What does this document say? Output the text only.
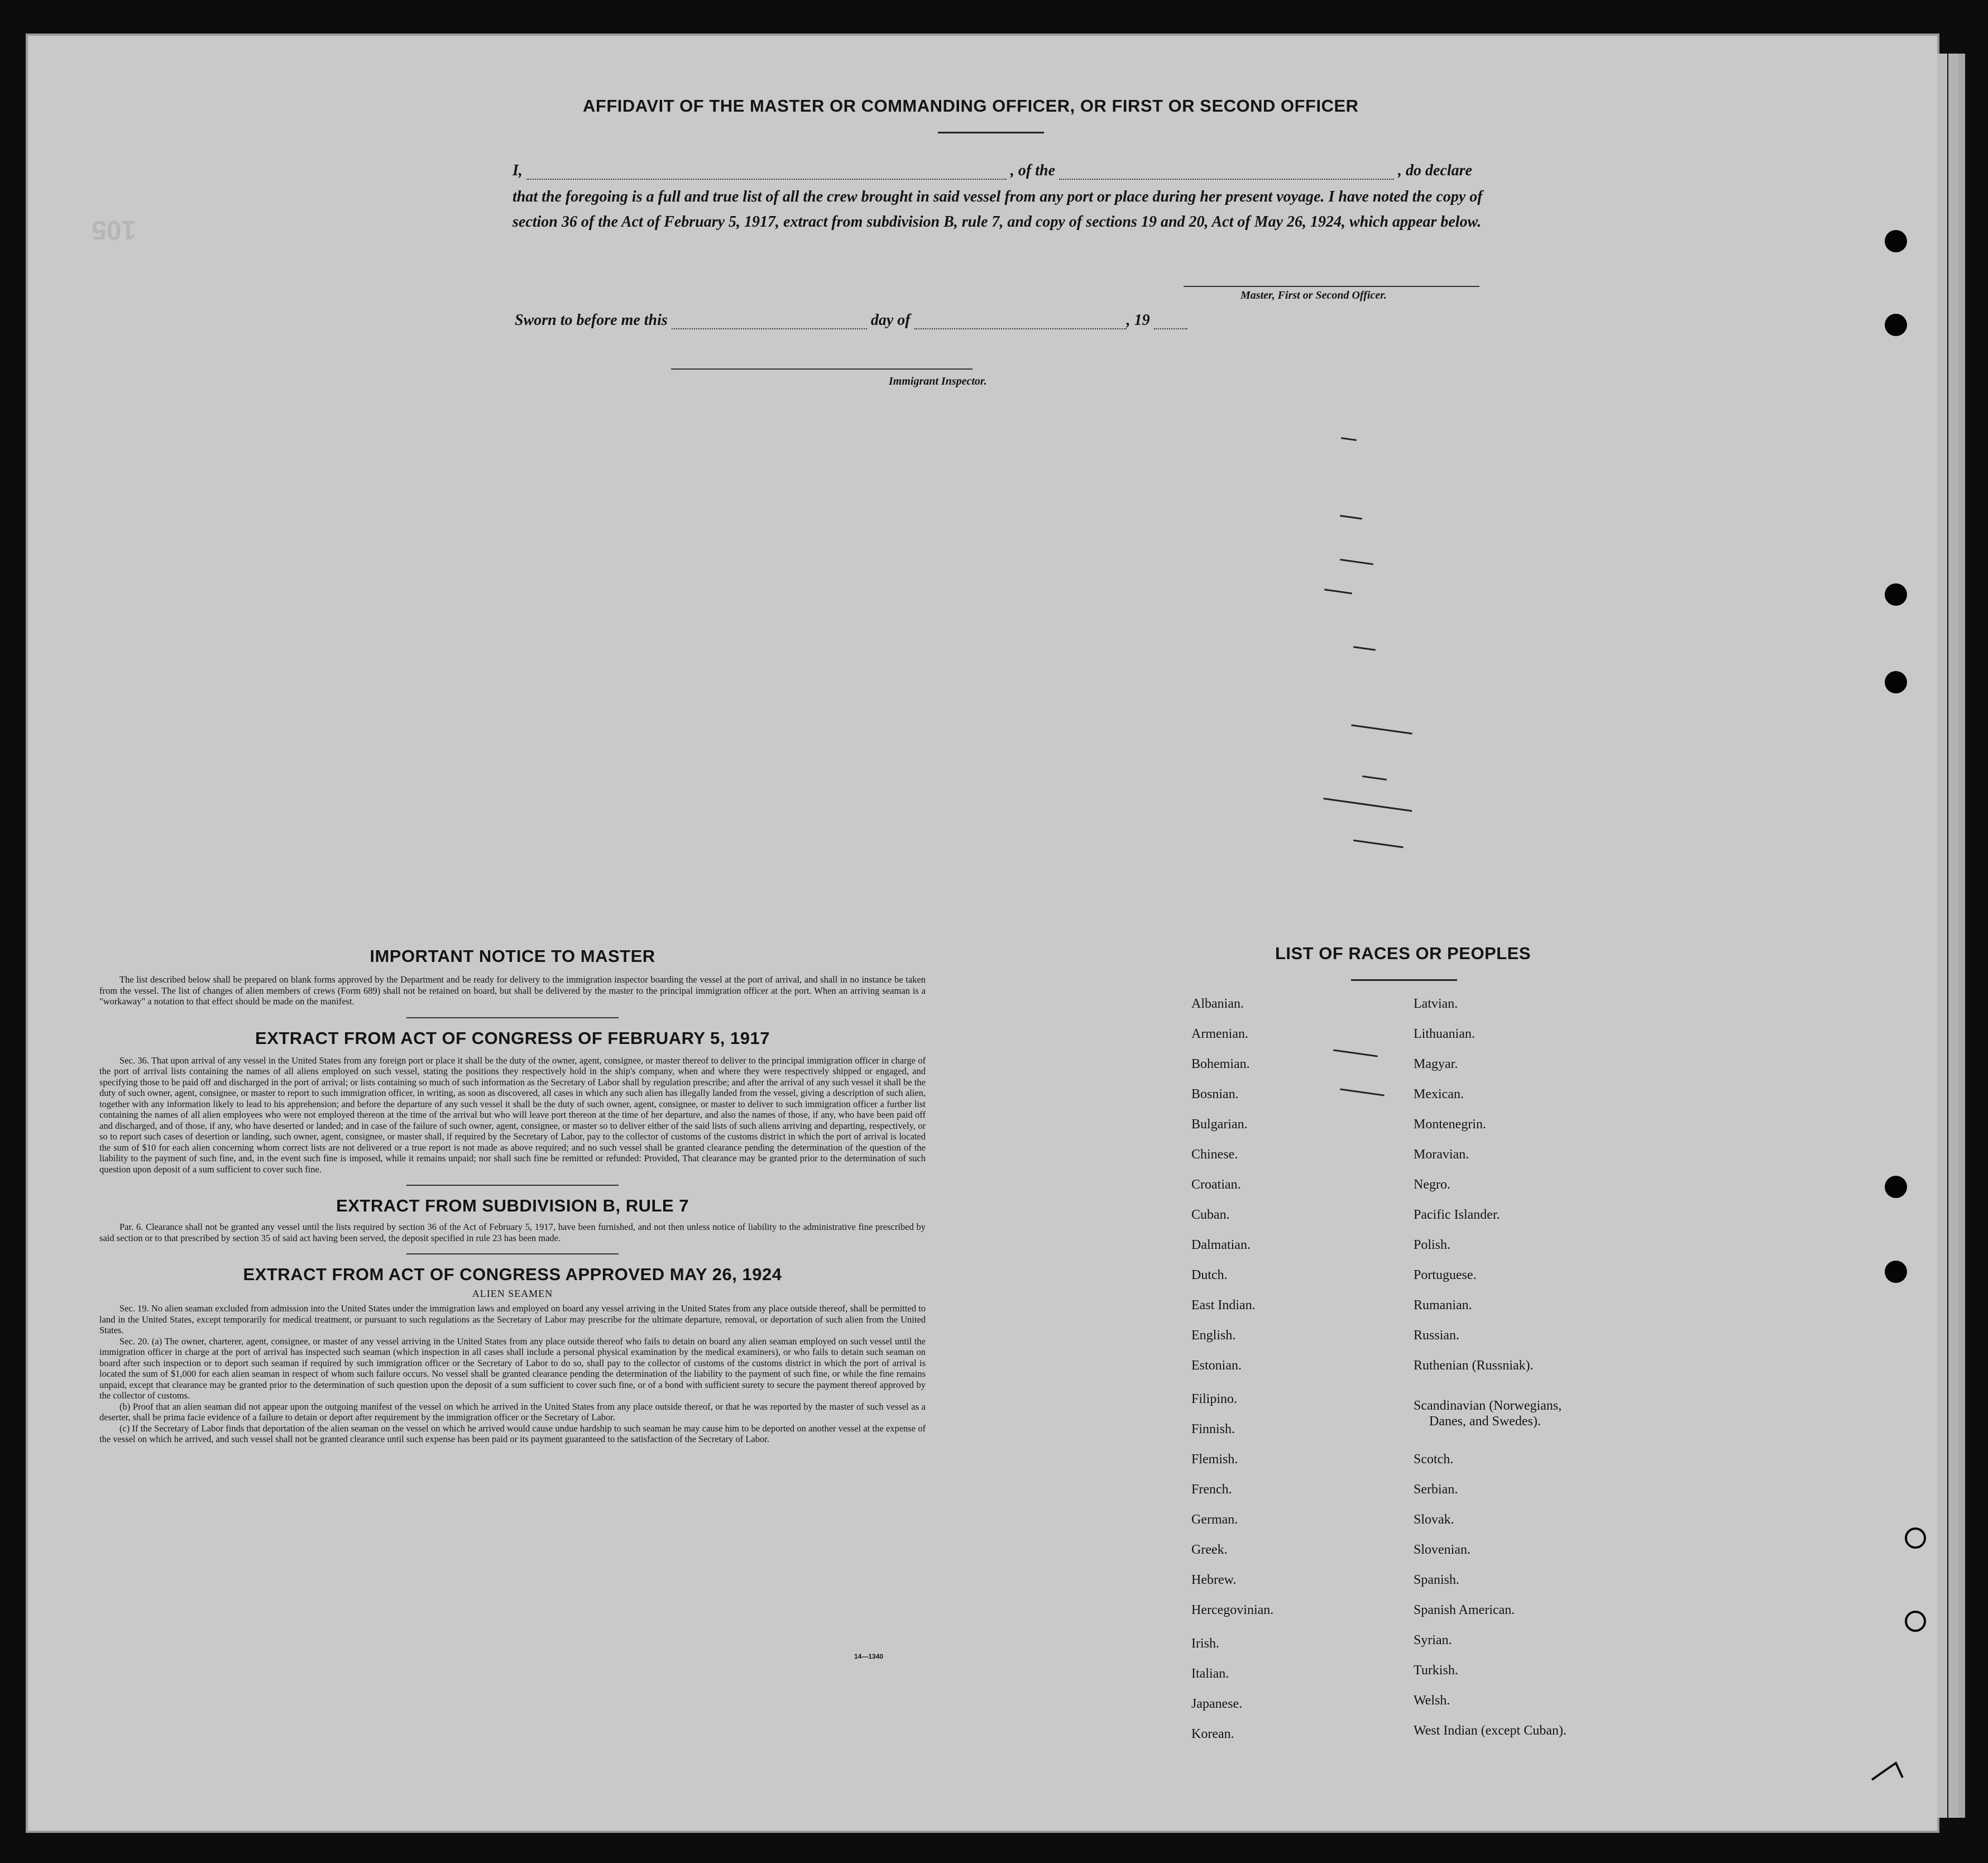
105
AFFIDAVIT OF THE MASTER OR COMMANDING OFFICER, OR FIRST OR SECOND OFFICER
I,	, of the	, do declare
that the foregoing is a full and true list of all the crew brought in said vessel from any port or place during her present voyage. I have noted the copy of section 36 of the Act of February 5, 1917, extract from subdivision B, rule 7, and copy of sections 19 and 20, Act of May 26, 1924, which appear below.
Master, First or Second Officer.
Sworn to before me this	day of	, 19
Immigrant Inspector.
IMPORTANT NOTICE TO MASTER

The list described below shall be prepared on blank forms approved by the Department and be ready for delivery to the immigration inspector boarding the vessel at the port of arrival, and shall in no instance be taken from the vessel. The list of changes of alien members of crews (Form 689) shall not be retained on board, but shall be delivered by the master to the principal immigration officer at the port. When an arriving seaman is a "workaway" a notation to that effect should be made on the manifest.

EXTRACT FROM ACT OF CONGRESS OF FEBRUARY 5, 1917

Sec. 36. That upon arrival of any vessel in the United States from any foreign port or place it shall be the duty of the owner, agent, consignee, or master thereof to deliver to the principal immigration officer in charge of the port of arrival lists containing the names of all aliens employed on such vessel, stating the positions they respectively hold in the ship's company, when and where they were respectively shipped or engaged, and specifying those to be paid off and discharged in the port of arrival; or lists containing so much of such information as the Secretary of Labor shall by regulation prescribe; and after the arrival of any such vessel it shall be the duty of such owner, agent, consignee, or master to report to such immigration officer, in writing, as soon as discovered, all cases in which any such alien has illegally landed from the vessel, giving a description of such alien, together with any information likely to lead to his apprehension; and before the departure of any such vessel it shall be the duty of such owner, agent, consignee, or master to deliver to such immigration officer a further list containing the names of all alien employees who were not employed thereon at the time of the arrival but who will leave port thereon at the time of her departure, and also the names of those, if any, who have been paid off and discharged, and of those, if any, who have deserted or landed; and in case of the failure of such owner, agent, consignee, or master so to deliver either of the said lists of such aliens arriving and departing, respectively, or so to report such cases of desertion or landing, such owner, agent, consignee, or master shall, if required by the Secretary of Labor, pay to the collector of customs of the customs district in which the port of arrival is located the sum of $10 for each alien concerning whom correct lists are not delivered or a true report is not made as above required; and no such vessel shall be granted clearance pending the determination of the question of the liability to the payment of such fine, and, in the event such fine is imposed, while it remains unpaid; nor shall such fine be remitted or refunded: Provided, That clearance may be granted prior to the determination of such question upon deposit of a sum sufficient to cover such fine.

EXTRACT FROM SUBDIVISION B, RULE 7

Par. 6. Clearance shall not be granted any vessel until the lists required by section 36 of the Act of February 5, 1917, have been furnished, and not then unless notice of liability to the administrative fine prescribed by said section or to that prescribed by section 35 of said act having been served, the deposit specified in rule 23 has been made.

EXTRACT FROM ACT OF CONGRESS APPROVED MAY 26, 1924
ALIEN SEAMEN

Sec. 19. No alien seaman excluded from admission into the United States under the immigration laws and employed on board any vessel arriving in the United States from any place outside thereof, shall be permitted to land in the United States, except temporarily for medical treatment, or pursuant to such regulations as the Secretary of Labor may prescribe for the ultimate departure, removal, or deportation of such alien from the United States.

Sec. 20. (a) The owner, charterer, agent, consignee, or master of any vessel arriving in the United States from any place outside thereof who fails to detain on board any alien seaman employed on such vessel until the immigration officer in charge at the port of arrival has inspected such seaman (which inspection in all cases shall include a personal physical examination by the medical examiners), or who fails to detain such seaman on board after such inspection or to deport such seaman if required by such immigration officer or the Secretary of Labor to do so, shall pay to the collector of customs of the customs district in which the port of arrival is located the sum of $1,000 for each alien seaman in respect of whom such failure occurs. No vessel shall be granted clearance pending the determination of the liability to the payment of such fine, or while the fine remains unpaid, except that clearance may be granted prior to the determination of such question upon the deposit of a sum sufficient to cover such fine, or of a bond with sufficient surety to secure the payment thereof approved by the collector of customs.

(b) Proof that an alien seaman did not appear upon the outgoing manifest of the vessel on which he arrived in the United States from any place outside thereof, or that he was reported by the master of such vessel as a deserter, shall be prima facie evidence of a failure to detain or deport after requirement by the immigration officer or the Secretary of Labor.

(c) If the Secretary of Labor finds that deportation of the alien seaman on the vessel on which he arrived would cause undue hardship to such seaman he may cause him to be deported on another vessel at the expense of the vessel on which he arrived, and such vessel shall not be granted clearance until such expense has been paid or its payment guaranteed to the satisfaction of the Secretary of Labor.

14—1340
LIST OF RACES OR PEOPLES
Albanian.
Armenian.
Bohemian.
Bosnian.
Bulgarian.
Chinese.
Croatian.
Cuban.
Dalmatian.
Dutch.
East Indian.
English.
Estonian.
Filipino.
Finnish.
Flemish.
French.
German.
Greek.
Hebrew.
Hercegovinian.
Irish.
Italian.
Japanese.
Korean.
Latvian.
Lithuanian.
Magyar.
Mexican.
Montenegrin.
Moravian.
Negro.
Pacific Islander.
Polish.
Portuguese.
Rumanian.
Russian.
Ruthenian (Russniak).
Scandinavian (Norwegians,
Danes, and Swedes).
Scotch.
Serbian.
Slovak.
Slovenian.
Spanish.
Spanish American.
Syrian.
Turkish.
Welsh.
West Indian (except Cuban).
